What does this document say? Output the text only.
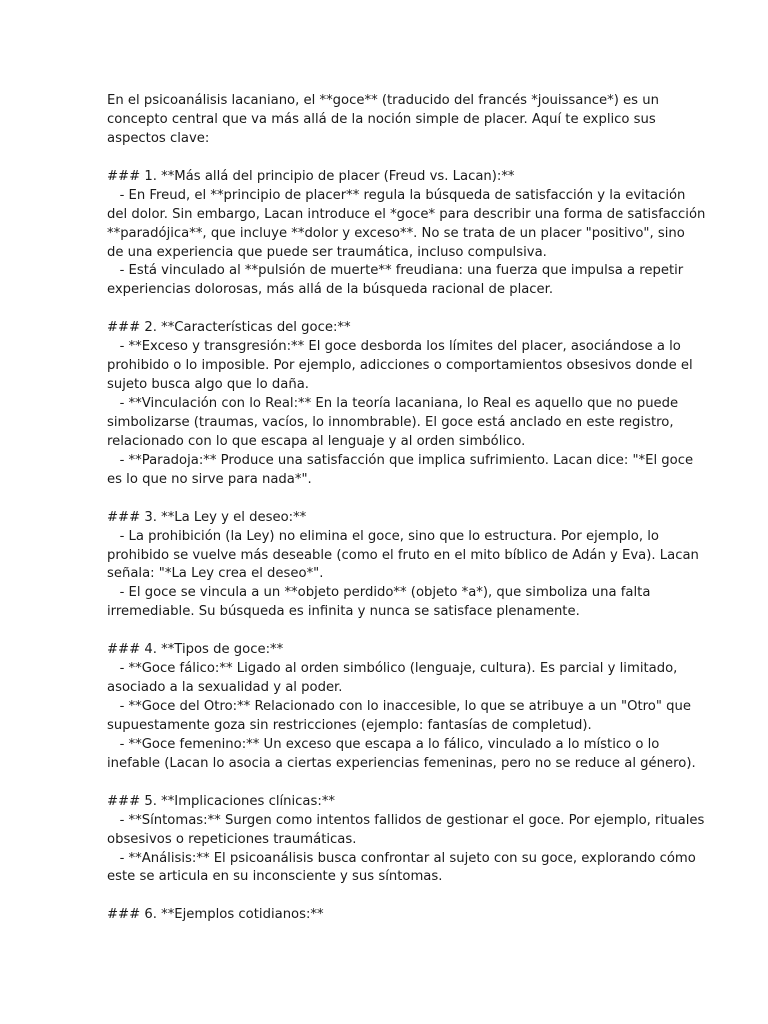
En el psicoanálisis lacaniano, el **goce** (traducido del francés *jouissance*) es un
concepto central que va más allá de la noción simple de placer. Aquí te explico sus
aspectos clave:
### 1. **Más allá del principio de placer (Freud vs. Lacan):**
- En Freud, el **principio de placer** regula la búsqueda de satisfacción y la evitación
del dolor. Sin embargo, Lacan introduce el *goce* para describir una forma de satisfacción
**paradójica**, que incluye **dolor y exceso**. No se trata de un placer "positivo", sino
de una experiencia que puede ser traumática, incluso compulsiva.
- Está vinculado al **pulsión de muerte** freudiana: una fuerza que impulsa a repetir
experiencias dolorosas, más allá de la búsqueda racional de placer.
### 2. **Características del goce:**
- **Exceso y transgresión:** El goce desborda los límites del placer, asociándose a lo
prohibido o lo imposible. Por ejemplo, adicciones o comportamientos obsesivos donde el
sujeto busca algo que lo daña.
- **Vinculación con lo Real:** En la teoría lacaniana, lo Real es aquello que no puede
simbolizarse (traumas, vacíos, lo innombrable). El goce está anclado en este registro,
relacionado con lo que escapa al lenguaje y al orden simbólico.
- **Paradoja:** Produce una satisfacción que implica sufrimiento. Lacan dice: "*El goce
es lo que no sirve para nada*".
### 3. **La Ley y el deseo:**
- La prohibición (la Ley) no elimina el goce, sino que lo estructura. Por ejemplo, lo
prohibido se vuelve más deseable (como el fruto en el mito bíblico de Adán y Eva). Lacan
señala: "*La Ley crea el deseo*".
- El goce se vincula a un **objeto perdido** (objeto *a*), que simboliza una falta
irremediable. Su búsqueda es infinita y nunca se satisface plenamente.
### 4. **Tipos de goce:**
- **Goce fálico:** Ligado al orden simbólico (lenguaje, cultura). Es parcial y limitado,
asociado a la sexualidad y al poder.
- **Goce del Otro:** Relacionado con lo inaccesible, lo que se atribuye a un "Otro" que
supuestamente goza sin restricciones (ejemplo: fantasías de completud).
- **Goce femenino:** Un exceso que escapa a lo fálico, vinculado a lo místico o lo
inefable (Lacan lo asocia a ciertas experiencias femeninas, pero no se reduce al género).
### 5. **Implicaciones clínicas:**
- **Síntomas:** Surgen como intentos fallidos de gestionar el goce. Por ejemplo, rituales
obsesivos o repeticiones traumáticas.
- **Análisis:** El psicoanálisis busca confrontar al sujeto con su goce, explorando cómo
este se articula en su inconsciente y sus síntomas.
### 6. **Ejemplos cotidianos:**
